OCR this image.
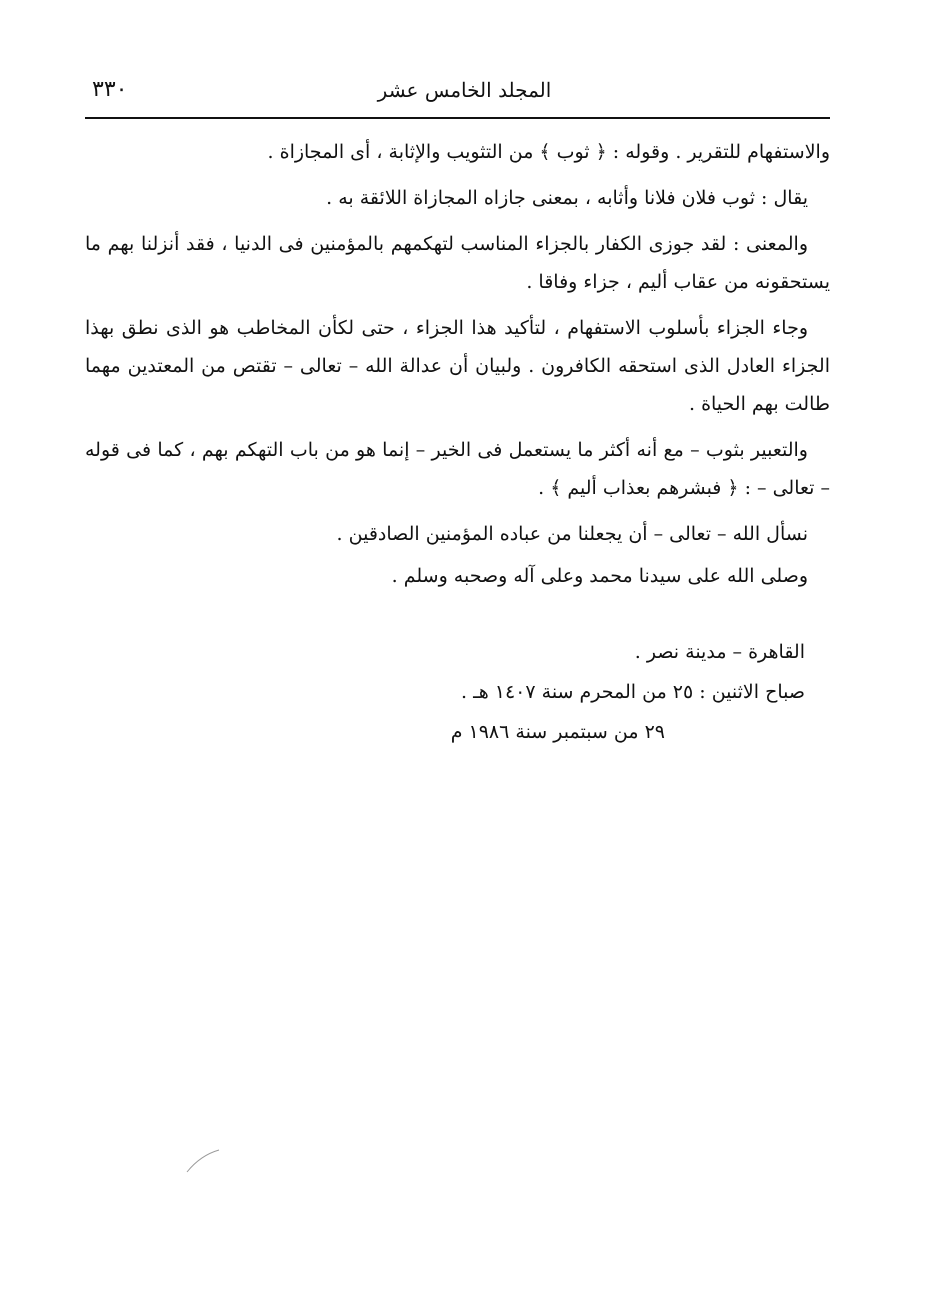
٣٣٠	المجلد الخامس عشر

والاستفهام للتقرير . وقوله : ﴿ ثوب ﴾ من التثويب والإثابة ، أى المجازاة .

يقال : ثوب فلان فلانا وأثابه ، بمعنى جازاه المجازاة اللائقة به .

والمعنى : لقد جوزى الكفار بالجزاء المناسب لتهكمهم بالمؤمنين فى الدنيا ، فقد أنزلنا بهم ما يستحقونه من عقاب أليم ، جزاء وفاقا .

وجاء الجزاء بأسلوب الاستفهام ، لتأكيد هذا الجزاء ، حتى لكأن المخاطب هو الذى نطق بهذا الجزاء العادل الذى استحقه الكافرون . ولبيان أن عدالة الله – تعالى – تقتص من المعتدين مهما طالت بهم الحياة .

والتعبير بثوب – مع أنه أكثر ما يستعمل فى الخير – إنما هو من باب التهكم بهم ، كما فى قوله – تعالى – : ﴿ فبشرهم بعذاب أليم ﴾ .

نسأل الله – تعالى – أن يجعلنا من عباده المؤمنين الصادقين .

وصلى الله على سيدنا محمد وعلى آله وصحبه وسلم .

القاهرة – مدينة نصر .
صباح الاثنين : ٢٥ من المحرم سنة ١٤٠٧ هـ .
٢٩ من سبتمبر سنة ١٩٨٦ م
